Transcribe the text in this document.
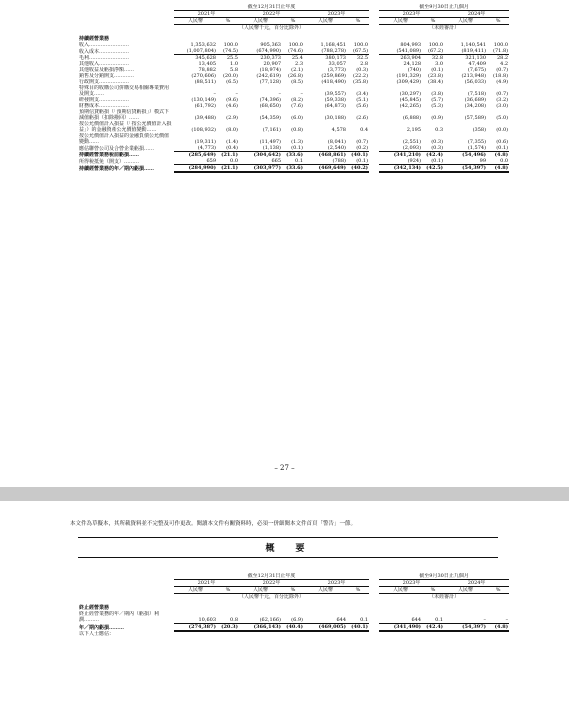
	截至12月31日止年度							截至9月30日止九個月			
	2021年		2022年		2023年			2023年		2024年	
	人民幣	%	人民幣	%	人民幣	%		人民幣	%	人民幣	%
	（人民幣千元，百分比除外）							（未經審計）			
持續經營業務											
收入……………………	1,353,632	100.0	905,363	100.0	1,168,451	100.0		804,993	100.0	1,140,541	100.0
收入成本………………	(1,007,804)	(74.5)	(674,990)	(74.6)	(788,278)	(67.5)		(541,089)	(67.2)	(819,411)	(71.8)
毛利……………………	345,628	25.5	230,373	25.4	380,173	32.5		263,904	32.8	321,130	28.2
其他收入………………	13,405	1.0	20,907	2.3	33,057	2.8		24,128	3.0	47,409	4.2
其他收益及虧損淨額……	78,882	5.8	(18,974)	(2.1)	(3,773)	(0.3)		(740)	(0.1)	(7,675)	(0.7)
銷售及分銷開支…………	(270,606)	(20.0)	(242,619)	(26.8)	(259,869)	(22.2)		(191,329)	(23.8)	(213,948)	(18.8)
行政開支………………	(88,511)	(6.5)	(77,128)	(8.5)	(418,490)	(35.8)		(309,429)	(38.4)	(56,033)	(4.9)
特殊目的收購公司併購交易相關專業費用及開支……	–	–	–	–	(39,557)	(3.4)		(30,297)	(3.8)	(7,518)	(0.7)
研發開支………………	(130,149)	(9.6)	(74,396)	(8.2)	(59,338)	(5.1)		(45,845)	(5.7)	(36,689)	(3.2)
財務成本………………	(61,792)	(4.6)	(68,650)	(7.6)	(64,873)	(5.6)		(42,265)	(5.3)	(34,208)	(3.0)
預期信貸虧損（「預期信貸虧損」）模式下減值虧損（扣除撥回）……	(39,488)	(2.9)	(54,359)	(6.0)	(30,188)	(2.6)		(6,888)	(0.9)	(57,589)	(5.0)
按公允價值計入損益（「按公允價值計入損益」）的金融資產公允價值變動……	(108,932)	(8.0)	(7,161)	(0.8)	4,578	0.4		2,195	0.3	(358)	(0.0)
按公允價值計入損益的金融負債公允價值變動……	(19,311)	(1.4)	(11,497)	(1.3)	(8,041)	(0.7)		(2,551)	(0.3)	(7,355)	(0.6)
應佔聯營公司及合營企業虧損……	(4,773)	(0.4)	(1,138)	(0.1)	(2,540)	(0.2)		(2,093)	(0.3)	(1,574)	(0.1)
持續經營業務稅前虧損……	(285,649)	(21.1)	(304,642)	(33.6)	(468,861)	(40.1)		(341,210)	(42.4)	(54,496)	(4.8)
所得稅抵免（開支）………	659	0.0	665	0.1	(788)	(0.1)		(924)	(0.1)	99	0.0
持續經營業務的年／期內虧損……	(284,990)	(21.1)	(303,977)	(33.6)	(469,649)	(40.2)		(342,134)	(42.5)	(54,397)	(4.8)
– 27 –
本文件為草擬本，其所載資料並不完整及可作更改。閱讀本文件有關資料時，必須一併細閱本文件首頁「警告」一節。
概　要
	截至12月31日止年度							截至9月30日止九個月			
	2021年		2022年		2023年			2023年		2024年	
	人民幣	%	人民幣	%	人民幣	%		人民幣	%	人民幣	%
	（人民幣千元，百分比除外）							（未經審計）			
終止經營業務											
終止經營業務的年／期內（虧損）利潤………	10,603	0.8	(62,166)	(6.9)	644	0.1		644	0.1	–	–
年／期內虧損………	(274,387)	(20.3)	(366,143)	(40.4)	(469,005)	(40.1)		(341,490)	(42.4)	(54,397)	(4.8)
以下人士應佔：											
